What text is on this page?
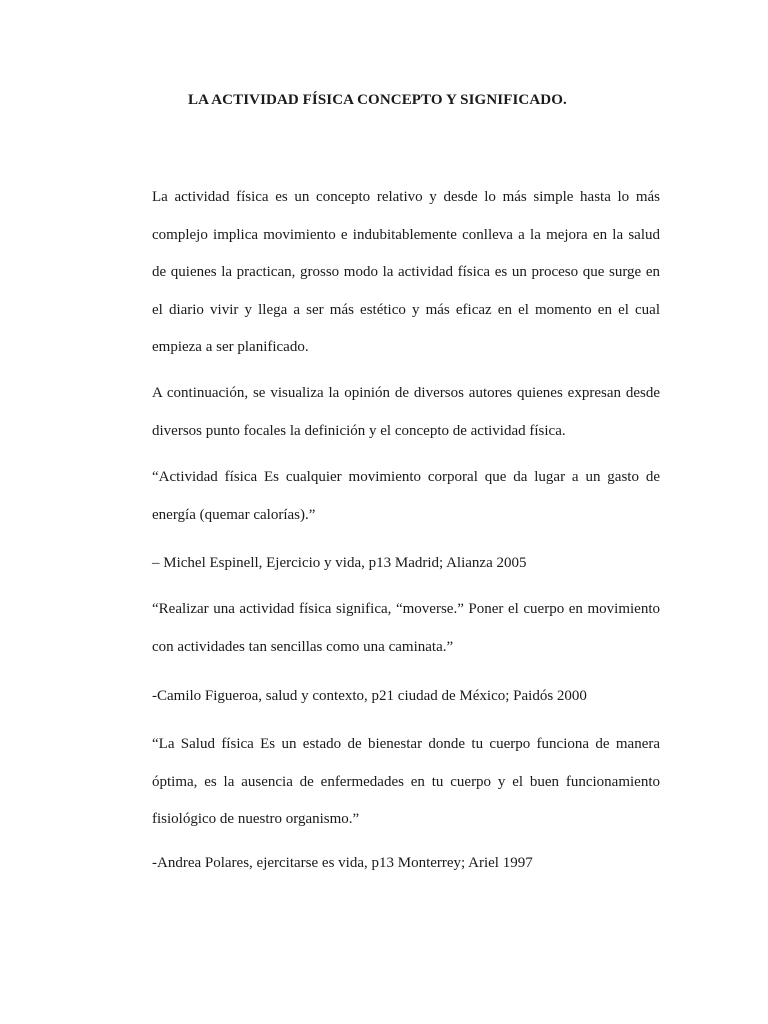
LA ACTIVIDAD FÍSICA CONCEPTO Y SIGNIFICADO.

La actividad física es un concepto relativo y desde lo más simple hasta lo más complejo implica movimiento e indubitablemente conlleva a la mejora en la salud de quienes la practican, grosso modo la actividad física es un proceso que surge en el diario vivir y llega a ser más estético y más eficaz en el momento en el cual empieza a ser planificado.

A continuación, se visualiza la opinión de diversos autores quienes expresan desde diversos punto focales la definición y el concepto de actividad física.

“Actividad física Es cualquier movimiento corporal que da lugar a un gasto de energía (quemar calorías).”

– Michel Espinell, Ejercicio y vida, p13 Madrid; Alianza 2005

“Realizar una actividad física significa, “moverse.” Poner el cuerpo en movimiento con actividades tan sencillas como una caminata.”

-Camilo Figueroa, salud y contexto, p21 ciudad de México; Paidós 2000

“La Salud física Es un estado de bienestar donde tu cuerpo funciona de manera óptima, es la ausencia de enfermedades en tu cuerpo y el buen funcionamiento fisiológico de nuestro organismo.”

-Andrea Polares, ejercitarse es vida, p13 Monterrey; Ariel 1997
